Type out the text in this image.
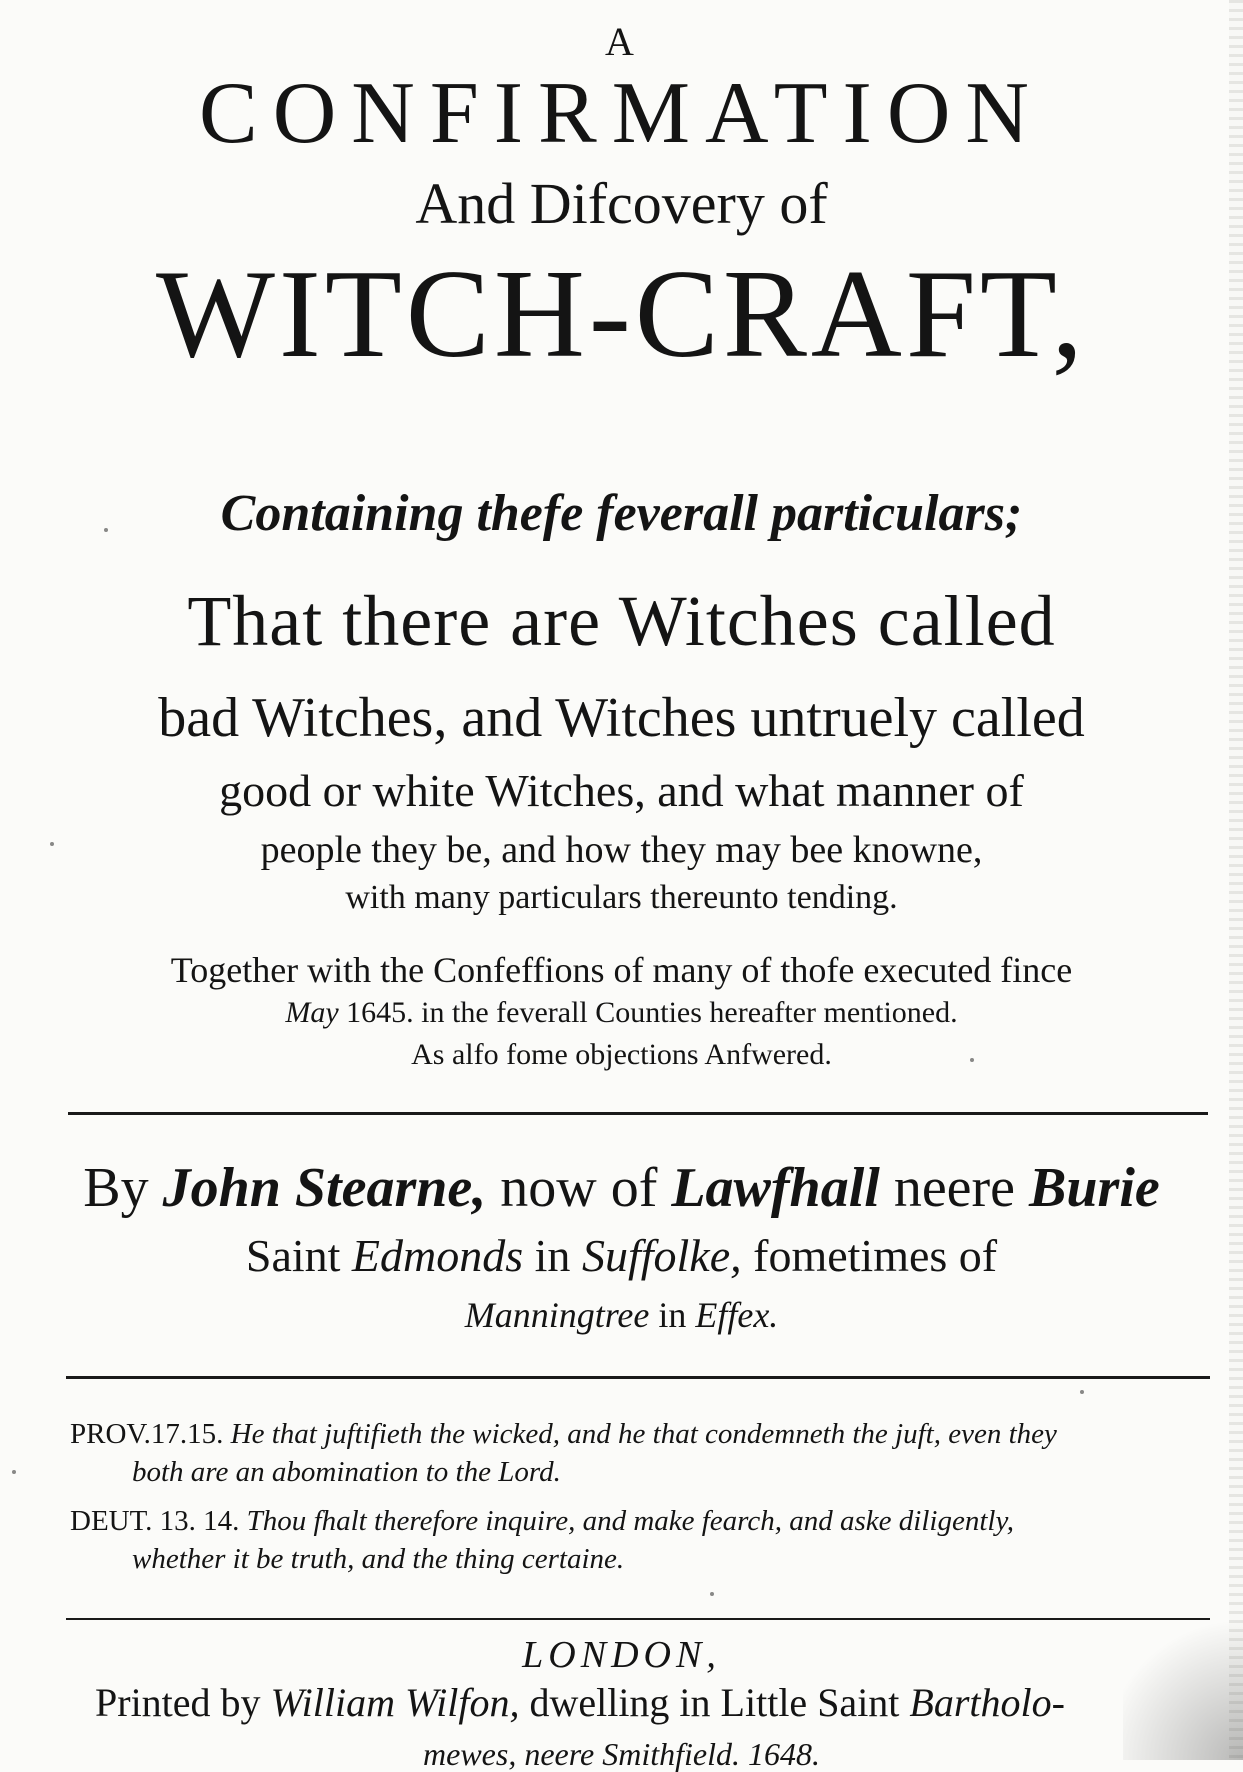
A
CONFIRMATION
And Difcovery of
WITCH-CRAFT,
Containing thefe feverall particulars;
That there are Witches called
bad Witches, and Witches untruely called
good or white Witches, and what manner of
people they be, and how they may bee knowne,
with many particulars thereunto tending.
Together with the Confeffions of many of thofe executed fince
May 1645. in the feverall Counties hereafter mentioned.
As alfo fome objections Anfwered.
By John Stearne, now of Lawfhall neere Burie
Saint Edmonds in Suffolke, fometimes of
Manningtree in Effex.
PROV.17.15. He that juftifieth the wicked, and he that condemneth the juft, even they
both are an abomination to the Lord.
DEUT. 13. 14. Thou fhalt therefore inquire, and make fearch, and aske diligently,
whether it be truth, and the thing certaine.
LONDON,
Printed by William Wilfon, dwelling in Little Saint Bartholo-
mewes, neere Smithfield. 1648.
